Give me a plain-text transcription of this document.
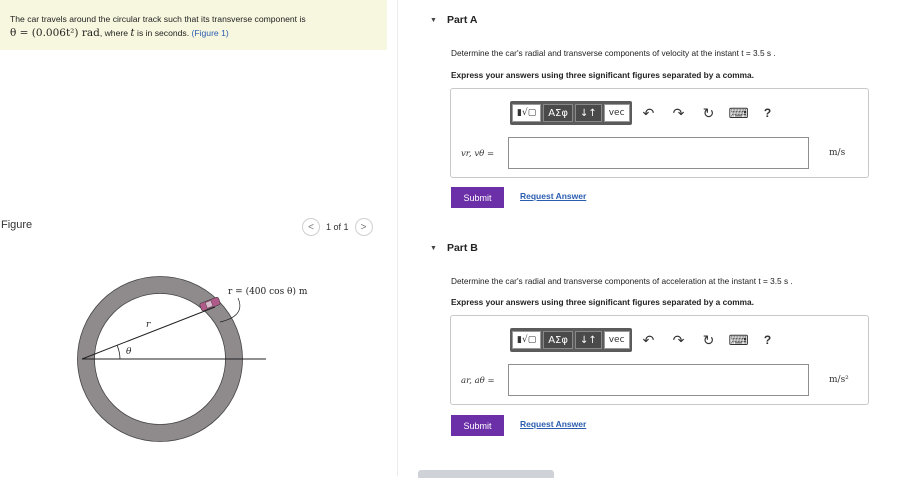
The car travels around the circular track such that its transverse component is
θ = (0.006t²) rad, where t is in seconds. (Figure 1)
Figure	<	1 of 1	>
r = (400 cos θ) m
r
θ
▼ Part A
Determine the car's radial and transverse components of velocity at the instant t = 3.5 s .
Express your answers using three significant figures separated by a comma.
▮√▢	ΑΣφ	↓↑	vec	↶	↷	↻	⌨	?
vr, vθ =	m/s
Submit	Request Answer
▼ Part B
Determine the car's radial and transverse components of acceleration at the instant t = 3.5 s .
Express your answers using three significant figures separated by a comma.
▮√▢	ΑΣφ	↓↑	vec	↶	↷	↻	⌨	?
ar, aθ =	m/s²
Submit	Request Answer
